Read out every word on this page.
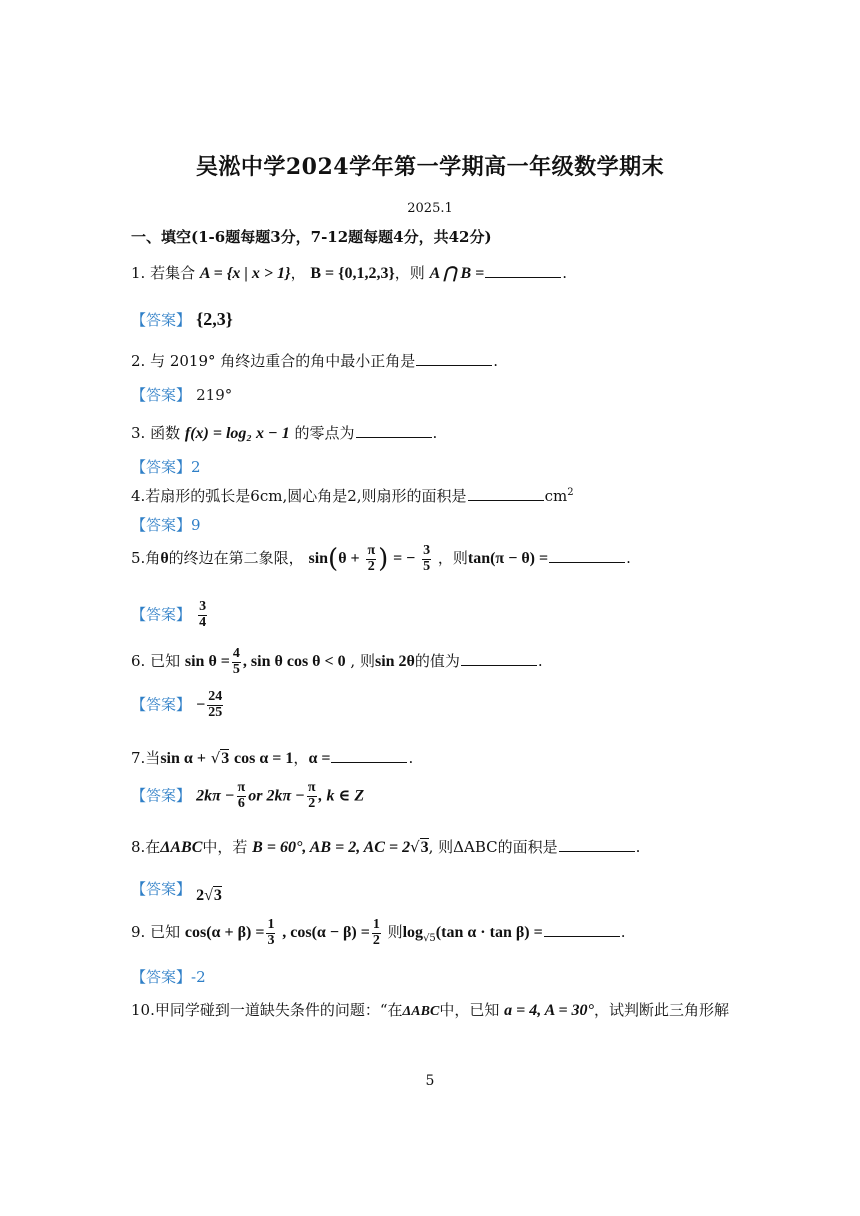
吴淞中学2024学年第一学期高一年级数学期末
2025.1
一、填空(1-6题每题3分，7-12题每题4分，共42分)
1. 若集合 A = {x | x > 1}， B = {0,1,2,3}，则 A ⋂ B =	.
【答案】 {2,3}
2. 与 2019° 角终边重合的角中最小正角是	.
【答案】 219°
3. 函数 f(x) = log₂ x − 1 的零点为	.
【答案】2
4.若扇形的弧长是6cm,圆心角是2,则扇形的面积是	$cm^2$
【答案】9
5.角θ的终边在第二象限， $\sin(\theta + \frac{\pi}{2}$ ) = − $\frac{3}{5}$ ，则tan(π − θ) =	.
【答案】 $\frac{3}{4}$
6. 已知 $\sin \theta = \frac{4}{5}$ , sin θ cos θ < 0 , 则sin 2θ的值为	.
【答案】 − $\frac{24}{25}$
7.当sin α + √3 cos α = 1，α =	.
【答案】 $2k\pi - \frac{\pi}{6}$ or $2k\pi - \frac{\pi}{2}$ , k ∈ Z
8.在ΔABC中，若 B = 60°, AB = 2, AC = 2√3, 则ΔABC的面积是	.
【答案】 2√3
9. 已知 $\cos(\alpha + \beta) = \frac{1}{3}$ , $\cos(\alpha - \beta) = \frac{1}{2}$ 则$\log_{√5}(\tan$ α · tan β) =	.
【答案】-2
10.甲同学碰到一道缺失条件的问题：“在ΔABC中，已知 a = 4, A = 30°，试判断此三角形解
5
